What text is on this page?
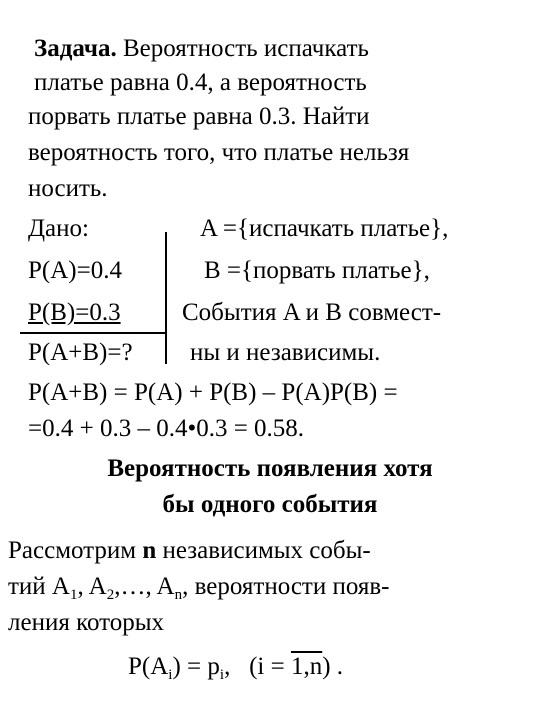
Задача. Вероятность испачкать
платье равна 0.4, а вероятность
порвать платье равна 0.3. Найти
вероятность того, что платье нельзя
носить.
Дано:
P(A)=0.4
P(B)=0.3
P(A+B)=?
A ={испачкать платье},
B ={порвать платье},
События A и B совмест-
ны и независимы.
P(A+B) = P(A) + P(B) – P(A)P(B) =
=0.4 + 0.3 – 0.4•0.3 = 0.58.
Вероятность появления хотя
бы одного события
Рассмотрим n независимых собы-
тий $A_1$, $A_2,\dots$, $A_n$, вероятности появ-
ления которых
$P(A_i) = p_i$,   (i = 1,n) .
